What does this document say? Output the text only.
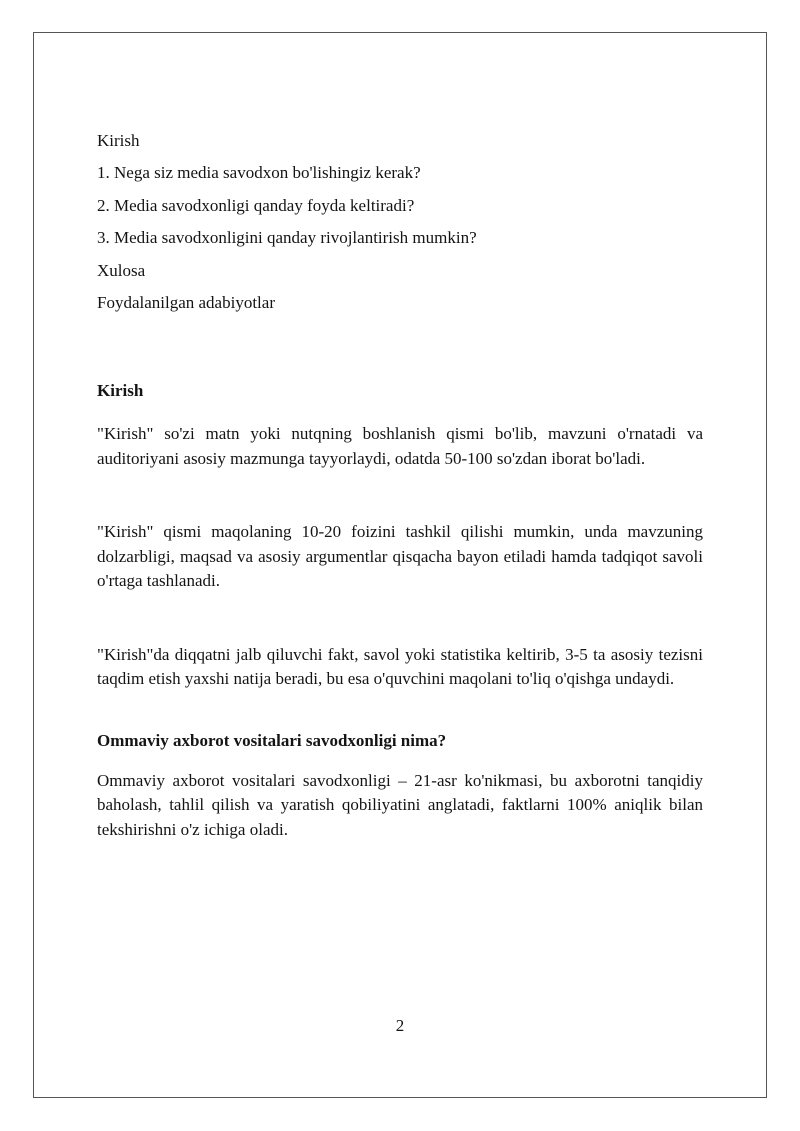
Kirish

1. Nega siz media savodxon bo'lishingiz kerak?

2. Media savodxonligi qanday foyda keltiradi?

3. Media savodxonligini qanday rivojlantirish mumkin?

Xulosa

Foydalanilgan adabiyotlar

Kirish

"Kirish" so'zi matn yoki nutqning boshlanish qismi bo'lib, mavzuni o'rnatadi va auditoriyani asosiy mazmunga tayyorlaydi, odatda 50-100 so'zdan iborat bo'ladi.

"Kirish" qismi maqolaning 10-20 foizini tashkil qilishi mumkin, unda mavzuning dolzarbligi, maqsad va asosiy argumentlar qisqacha bayon etiladi hamda tadqiqot savoli o'rtaga tashlanadi.

"Kirish"da diqqatni jalb qiluvchi fakt, savol yoki statistika keltirib, 3-5 ta asosiy tezisni taqdim etish yaxshi natija beradi, bu esa o'quvchini maqolani to'liq o'qishga undaydi.

Ommaviy axborot vositalari savodxonligi nima?

Ommaviy axborot vositalari savodxonligi – 21-asr ko'nikmasi, bu axborotni tanqidiy baholash, tahlil qilish va yaratish qobiliyatini anglatadi, faktlarni 100% aniqlik bilan tekshirishni o'z ichiga oladi.

2
